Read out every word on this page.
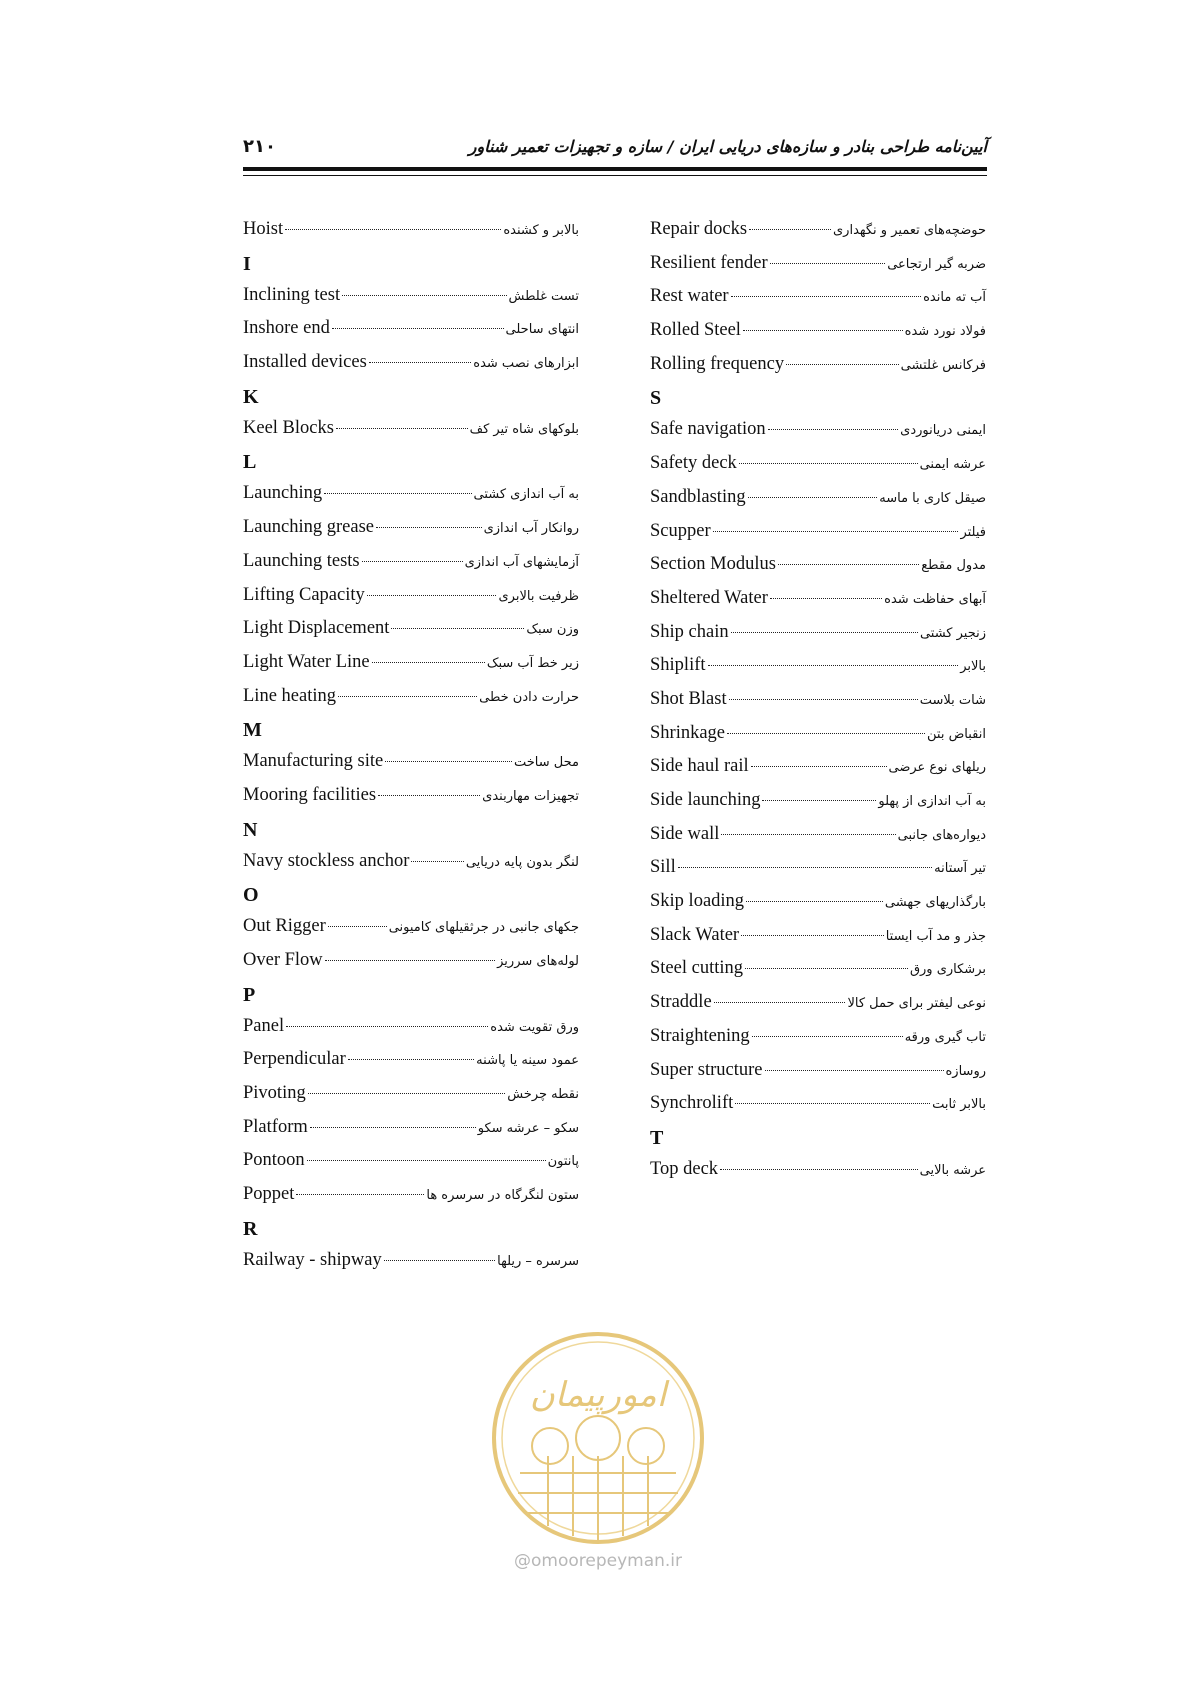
۲۱۰	آیین‌نامه طراحی بنادر و سازه‌های دریایی ایران / سازه و تجهیزات تعمیر شناور
Hoist	بالابر و کشنده
I
Inclining test	تست غلطش
Inshore end	انتهای ساحلی
Installed devices	ابزارهای نصب شده
K
Keel Blocks	بلوکهای شاه تیر کف
L
Launching	به آب اندازی کشتی
Launching grease	روانکار آب اندازی
Launching tests	آزمایشهای آب اندازی
Lifting Capacity	ظرفیت بالابری
Light Displacement	وزن سبک
Light Water Line	زیر خط آب سبک
Line heating	حرارت دادن خطی
M
Manufacturing site	محل ساخت
Mooring facilities	تجهیزات مهاربندی
N
Navy stockless anchor	لنگر بدون پایه دریایی
O
Out Rigger	جکهای جانبی در جرثقیلهای کامیونی
Over Flow	لوله‌های سرریز
P
Panel	ورق تقویت شده
Perpendicular	عمود سینه یا پاشنه
Pivoting	نقطه چرخش
Platform	سکو – عرشه سکو
Pontoon	پانتون
Poppet	ستون لنگرگاه در سرسره ها
R
Railway - shipway	سرسره – ریلها
Repair docks	حوضچه‌های تعمیر و نگهداری
Resilient fender	ضربه گیر ارتجاعی
Rest water	آب ته مانده
Rolled Steel	فولاد نورد شده
Rolling frequency	فرکانس غلتشی
S
Safe navigation	ایمنی دریانوردی
Safety deck	عرشه ایمنی
Sandblasting	صیقل کاری با ماسه
Scupper	فیلتر
Section Modulus	مدول مقطع
Sheltered Water	آبهای حفاظت شده
Ship chain	زنجیر کشتی
Shiplift	بالابر
Shot Blast	شات بلاست
Shrinkage	انقباض بتن
Side haul rail	ریلهای نوع عرضی
Side launching	به آب اندازی از پهلو
Side wall	دیواره‌های جانبی
Sill	تیر آستانه
Skip loading	بارگذاریهای جهشی
Slack Water	جذر و مد آب ایستا
Steel cutting	برشکاری ورق
Straddle	نوعی لیفتر برای حمل کالا
Straightening	تاب گیری ورقه
Super structure	روسازه
Synchrolift	بالابر ثابت
T
Top deck	عرشه بالایی
امورپیمان
@omoorepeyman.ir
